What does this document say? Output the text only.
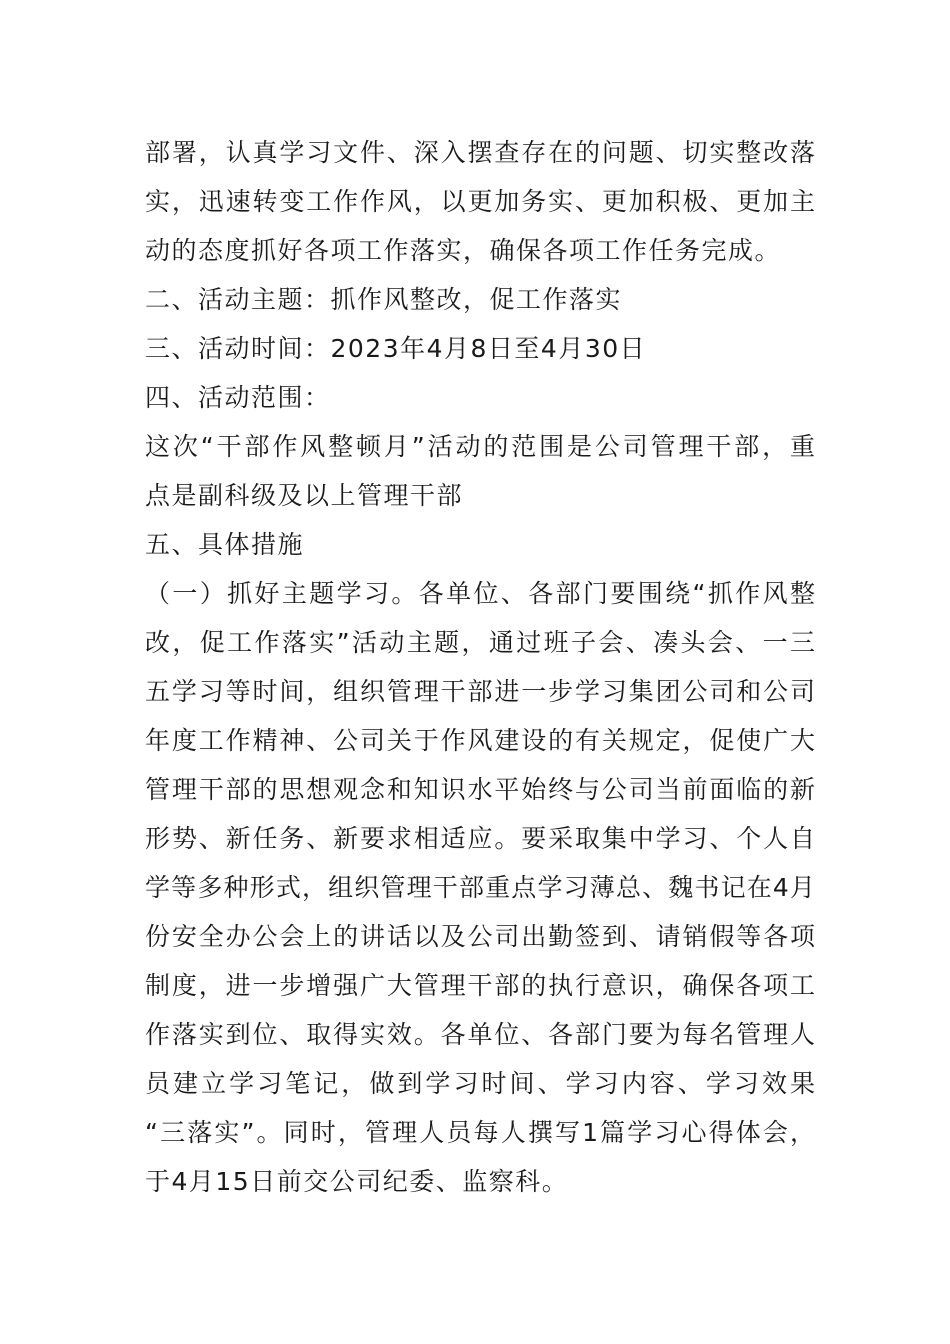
部署，认真学习文件、深入摆查存在的问题、切实整改落
实，迅速转变工作作风，以更加务实、更加积极、更加主
动的态度抓好各项工作落实，确保各项工作任务完成。
二、活动主题：抓作风整改，促工作落实
三、活动时间：2023年4月8日至4月30日
四、活动范围：
这次“干部作风整顿月”活动的范围是公司管理干部，重
点是副科级及以上管理干部
五、具体措施
（一）抓好主题学习。各单位、各部门要围绕“抓作风整
改，促工作落实”活动主题，通过班子会、凑头会、一三
五学习等时间，组织管理干部进一步学习集团公司和公司
年度工作精神、公司关于作风建设的有关规定，促使广大
管理干部的思想观念和知识水平始终与公司当前面临的新
形势、新任务、新要求相适应。要采取集中学习、个人自
学等多种形式，组织管理干部重点学习薄总、魏书记在4月
份安全办公会上的讲话以及公司出勤签到、请销假等各项
制度，进一步增强广大管理干部的执行意识，确保各项工
作落实到位、取得实效。各单位、各部门要为每名管理人
员建立学习笔记，做到学习时间、学习内容、学习效果
“三落实”。同时，管理人员每人撰写1篇学习心得体会，
于4月15日前交公司纪委、监察科。
